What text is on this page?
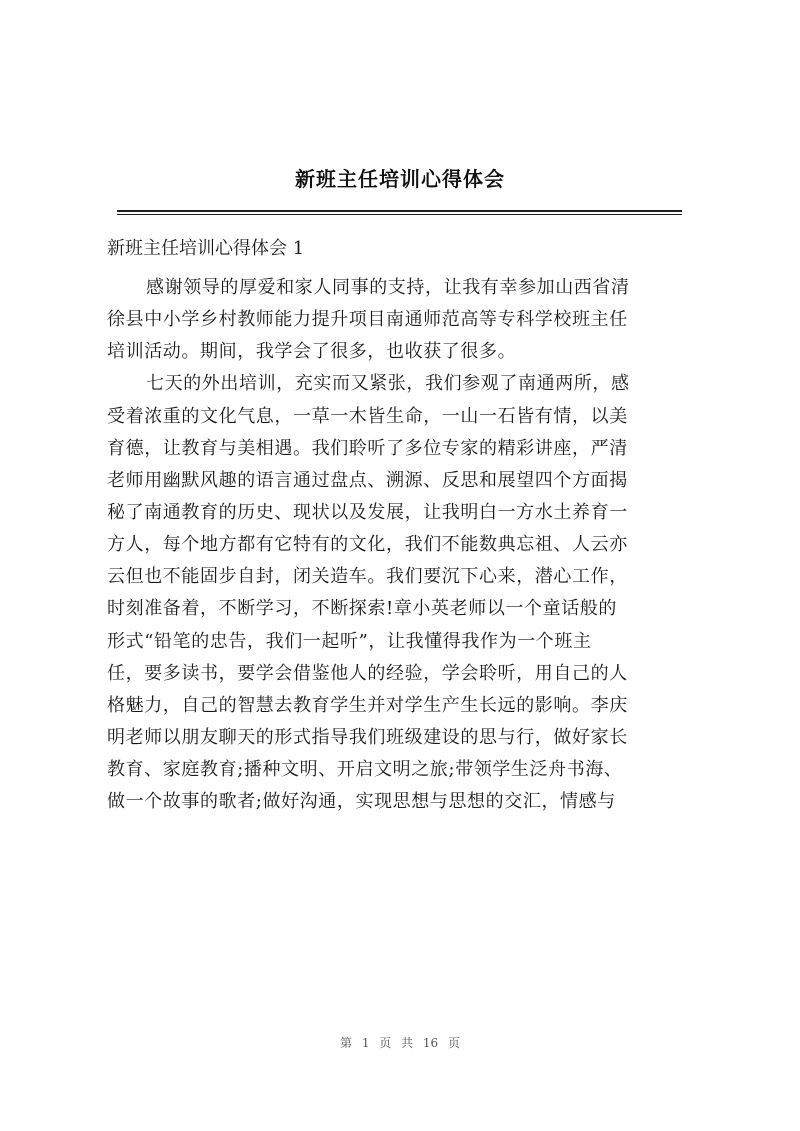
新班主任培训心得体会
新班主任培训心得体会 1
感谢领导的厚爱和家人同事的支持，让我有幸参加山西省清
徐县中小学乡村教师能力提升项目南通师范高等专科学校班主任
培训活动。期间，我学会了很多，也收获了很多。
七天的外出培训，充实而又紧张，我们参观了南通两所，感
受着浓重的文化气息，一草一木皆生命，一山一石皆有情，以美
育德，让教育与美相遇。我们聆听了多位专家的精彩讲座，严清
老师用幽默风趣的语言通过盘点、溯源、反思和展望四个方面揭
秘了南通教育的历史、现状以及发展，让我明白一方水土养育一
方人，每个地方都有它特有的文化，我们不能数典忘祖、人云亦
云但也不能固步自封，闭关造车。我们要沉下心来，潜心工作，
时刻准备着，不断学习，不断探索!章小英老师以一个童话般的
形式“铅笔的忠告，我们一起听”，让我懂得我作为一个班主
任，要多读书，要学会借鉴他人的经验，学会聆听，用自己的人
格魅力，自己的智慧去教育学生并对学生产生长远的影响。李庆
明老师以朋友聊天的形式指导我们班级建设的思与行，做好家长
教育、家庭教育;播种文明、开启文明之旅;带领学生泛舟书海、
做一个故事的歌者;做好沟通，实现思想与思想的交汇，情感与
第 1 页 共 16 页
